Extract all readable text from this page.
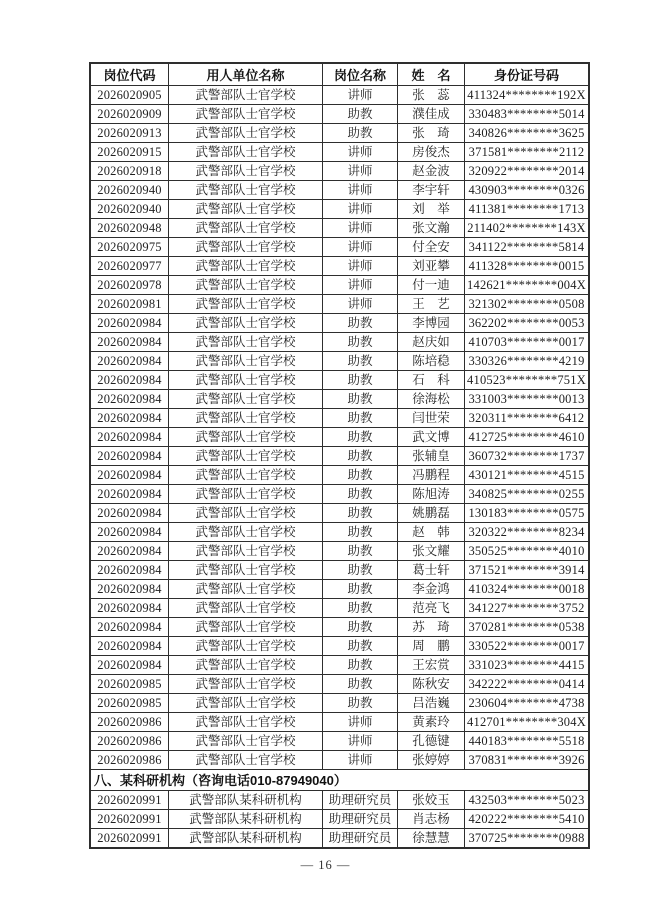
岗位代码	用人单位名称	岗位名称	姓　名	身份证号码
2026020905	武警部队士官学校	讲师	张　蕊	411324********192X
2026020909	武警部队士官学校	助教	濮佳成	330483********5014
2026020913	武警部队士官学校	助教	张　琦	340826********3625
2026020915	武警部队士官学校	讲师	房俊杰	371581********2112
2026020918	武警部队士官学校	讲师	赵金波	320922********2014
2026020940	武警部队士官学校	讲师	李宇轩	430903********0326
2026020940	武警部队士官学校	讲师	刘　举	411381********1713
2026020948	武警部队士官学校	讲师	张文瀚	211402********143X
2026020975	武警部队士官学校	讲师	付全安	341122********5814
2026020977	武警部队士官学校	讲师	刘亚攀	411328********0015
2026020978	武警部队士官学校	讲师	付一迪	142621********004X
2026020981	武警部队士官学校	讲师	王　艺	321302********0508
2026020984	武警部队士官学校	助教	李博园	362202********0053
2026020984	武警部队士官学校	助教	赵庆如	410703********0017
2026020984	武警部队士官学校	助教	陈培稳	330326********4219
2026020984	武警部队士官学校	助教	石　科	410523********751X
2026020984	武警部队士官学校	助教	徐海松	331003********0013
2026020984	武警部队士官学校	助教	闫世荣	320311********6412
2026020984	武警部队士官学校	助教	武文博	412725********4610
2026020984	武警部队士官学校	助教	张辅皇	360732********1737
2026020984	武警部队士官学校	助教	冯鹏程	430121********4515
2026020984	武警部队士官学校	助教	陈旭涛	340825********0255
2026020984	武警部队士官学校	助教	姚鹏磊	130183********0575
2026020984	武警部队士官学校	助教	赵　韩	320322********8234
2026020984	武警部队士官学校	助教	张文耀	350525********4010
2026020984	武警部队士官学校	助教	葛士轩	371521********3914
2026020984	武警部队士官学校	助教	李金鸿	410324********0018
2026020984	武警部队士官学校	助教	范亮飞	341227********3752
2026020984	武警部队士官学校	助教	苏　琦	370281********0538
2026020984	武警部队士官学校	助教	周　鹏	330522********0017
2026020984	武警部队士官学校	助教	王宏赏	331023********4415
2026020985	武警部队士官学校	助教	陈秋安	342222********0414
2026020985	武警部队士官学校	助教	吕浩巍	230604********4738
2026020986	武警部队士官学校	讲师	黄素玲	412701********304X
2026020986	武警部队士官学校	讲师	孔德键	440183********5518
2026020986	武警部队士官学校	讲师	张婷婷	370831********3926
八、某科研机构（咨询电话010-87949040）				
2026020991	武警部队某科研机构	助理研究员	张姣玉	432503********5023
2026020991	武警部队某科研机构	助理研究员	肖志杨	420222********5410
2026020991	武警部队某科研机构	助理研究员	徐慧慧	370725********0988
— 16 —
